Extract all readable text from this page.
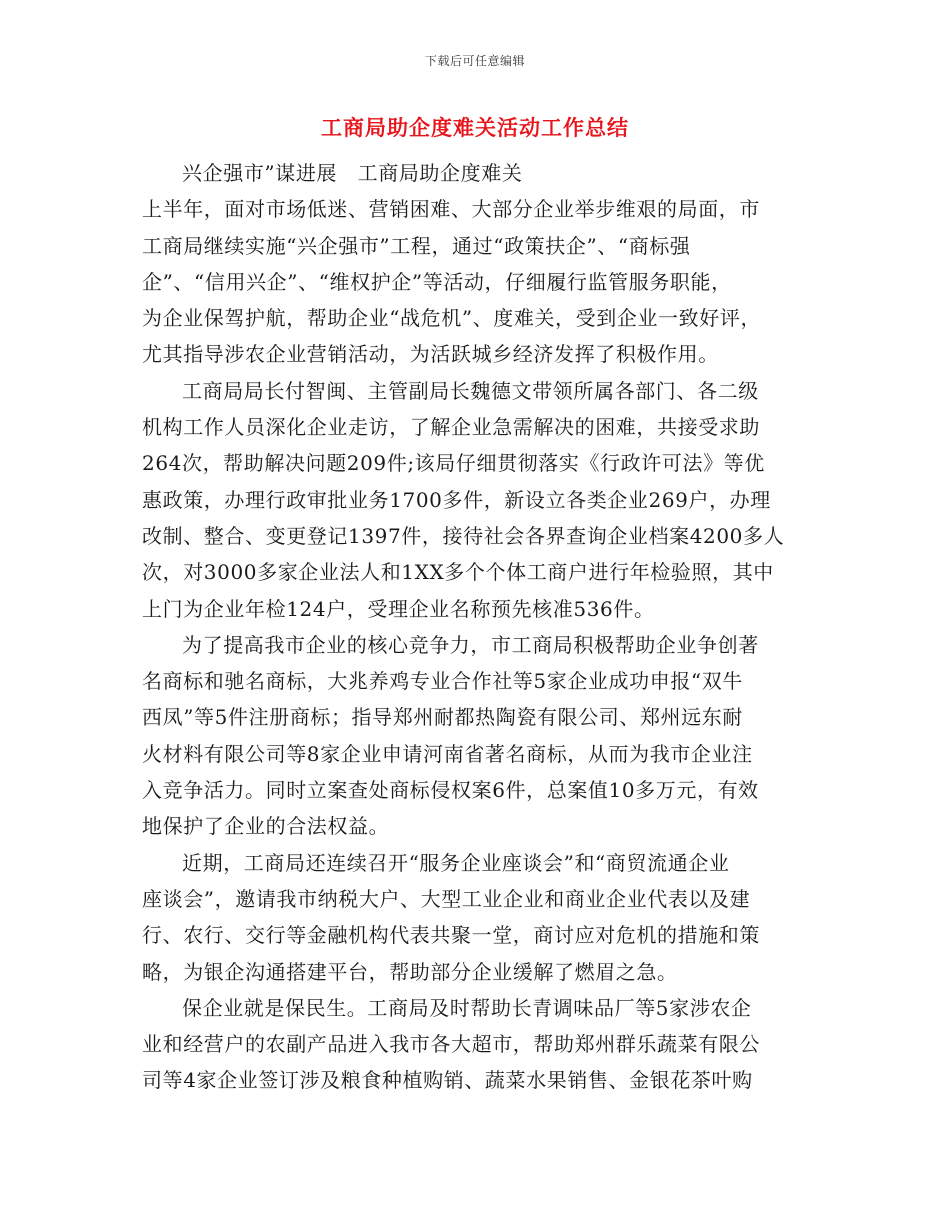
下载后可任意编辑
工商局助企度难关活动工作总结

兴企强市”谋进展　工商局助企度难关

上半年，面对市场低迷、营销困难、大部分企业举步维艰的局面，市
工商局继续实施“兴企强市”工程，通过“政策扶企”、“商标强
企”、“信用兴企”、“维权护企”等活动，仔细履行监管服务职能，
为企业保驾护航，帮助企业“战危机”、度难关，受到企业一致好评，
尤其指导涉农企业营销活动，为活跃城乡经济发挥了积极作用。

工商局局长付智闽、主管副局长魏德文带领所属各部门、各二级
机构工作人员深化企业走访，了解企业急需解决的困难，共接受求助
264次，帮助解决问题209件;该局仔细贯彻落实《行政许可法》等优
惠政策，办理行政审批业务1700多件，新设立各类企业269户，办理
改制、整合、变更登记1397件，接待社会各界查询企业档案4200多人
次，对3000多家企业法人和1XX多个个体工商户进行年检验照，其中
上门为企业年检124户，受理企业名称预先核准536件。

为了提高我市企业的核心竞争力，市工商局积极帮助企业争创著
名商标和驰名商标，大兆养鸡专业合作社等5家企业成功申报“双牛
西凤”等5件注册商标；指导郑州耐都热陶瓷有限公司、郑州远东耐
火材料有限公司等8家企业申请河南省著名商标，从而为我市企业注
入竞争活力。同时立案查处商标侵权案6件，总案值10多万元，有效
地保护了企业的合法权益。

近期，工商局还连续召开“服务企业座谈会”和“商贸流通企业
座谈会”，邀请我市纳税大户、大型工业企业和商业企业代表以及建
行、农行、交行等金融机构代表共聚一堂，商讨应对危机的措施和策
略，为银企沟通搭建平台，帮助部分企业缓解了燃眉之急。

保企业就是保民生。工商局及时帮助长青调味品厂等5家涉农企
业和经营户的农副产品进入我市各大超市，帮助郑州群乐蔬菜有限公
司等4家企业签订涉及粮食种植购销、蔬菜水果销售、金银花茶叶购
